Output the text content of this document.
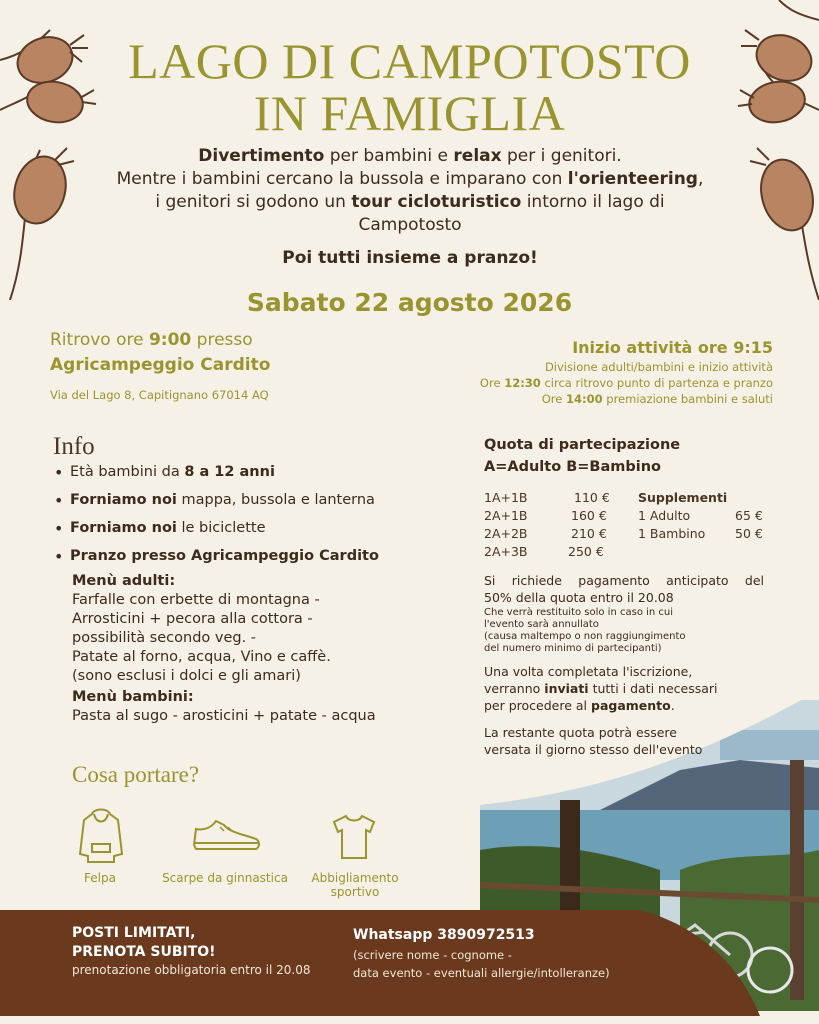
LAGO DI CAMPOTOSTO
IN FAMIGLIA
Divertimento per bambini e relax per i genitori.
Mentre i bambini cercano la bussola e imparano con l'orienteering,
i genitori si godono un tour cicloturistico intorno il lago di
Campotosto
Poi tutti insieme a pranzo!
Sabato 22 agosto 2026
Ritrovo ore 9:00 presso
Agricampeggio Cardito
Via del Lago 8, Capitignano 67014 AQ
Inizio attività ore 9:15
Divisione adulti/bambini e inizio attività
Ore 12:30 circa ritrovo punto di partenza e pranzo
Ore 14:00 premiazione bambini e saluti
Info
• Età bambini da 8 a 12 anni
• Forniamo noi mappa, bussola e lanterna
• Forniamo noi le biciclette
• Pranzo presso Agricampeggio Cardito
Menù adulti:
Farfalle con erbette di montagna -
Arrosticini + pecora alla cottora -
possibilità secondo veg. -
Patate al forno, acqua, Vino e caffè.
(sono esclusi i dolci e gli amari)
Menù bambini:
Pasta al sugo - arosticini + patate - acqua
Cosa portare?
Felpa	Scarpe da ginnastica	Abbigliamento sportivo
Quota di partecipazione
A=Adulto B=Bambino
1A+1B	110 €
2A+1B	160 €
2A+2B	210 €
2A+3B	250 €
Supplementi
1 Adulto	65 €
1 Bambino 50 €
Si richiede pagamento anticipato del
50% della quota entro il 20.08
Che verrà restituito solo in caso in cui
l'evento sarà annullato
(causa maltempo o non raggiungimento
del numero minimo di partecipanti)
Una volta completata l'iscrizione,
verranno inviati tutti i dati necessari
per procedere al pagamento.
La restante quota potrà essere
versata il giorno stesso dell'evento
POSTI LIMITATI,
PRENOTA SUBITO!
prenotazione obbligatoria entro il 20.08
Whatsapp 3890972513
(scrivere nome - cognome -
data evento - eventuali allergie/intolleranze)
